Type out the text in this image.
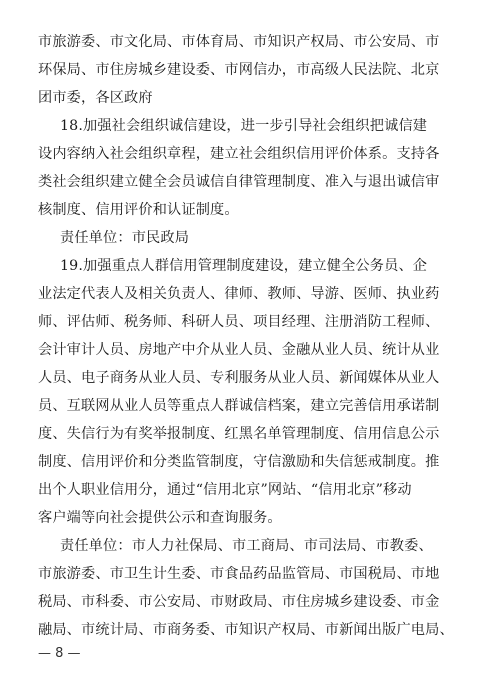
市旅游委、市文化局、市体育局、市知识产权局、市公安局、市
环保局、市住房城乡建设委、市网信办，市高级人民法院、北京
团市委，各区政府
18.加强社会组织诚信建设，进一步引导社会组织把诚信建
设内容纳入社会组织章程，建立社会组织信用评价体系。支持各
类社会组织建立健全会员诚信自律管理制度、准入与退出诚信审
核制度、信用评价和认证制度。
责任单位：市民政局
19.加强重点人群信用管理制度建设，建立健全公务员、企
业法定代表人及相关负责人、律师、教师、导游、医师、执业药
师、评估师、税务师、科研人员、项目经理、注册消防工程师、
会计审计人员、房地产中介从业人员、金融从业人员、统计从业
人员、电子商务从业人员、专利服务从业人员、新闻媒体从业人
员、互联网从业人员等重点人群诚信档案，建立完善信用承诺制
度、失信行为有奖举报制度、红黑名单管理制度、信用信息公示
制度、信用评价和分类监管制度，守信激励和失信惩戒制度。推
出个人职业信用分，通过“信用北京”网站、“信用北京”移动
客户端等向社会提供公示和查询服务。
责任单位：市人力社保局、市工商局、市司法局、市教委、
市旅游委、市卫生计生委、市食品药品监管局、市国税局、市地
税局、市科委、市公安局、市财政局、市住房城乡建设委、市金
融局、市统计局、市商务委、市知识产权局、市新闻出版广电局、
— 8 —
